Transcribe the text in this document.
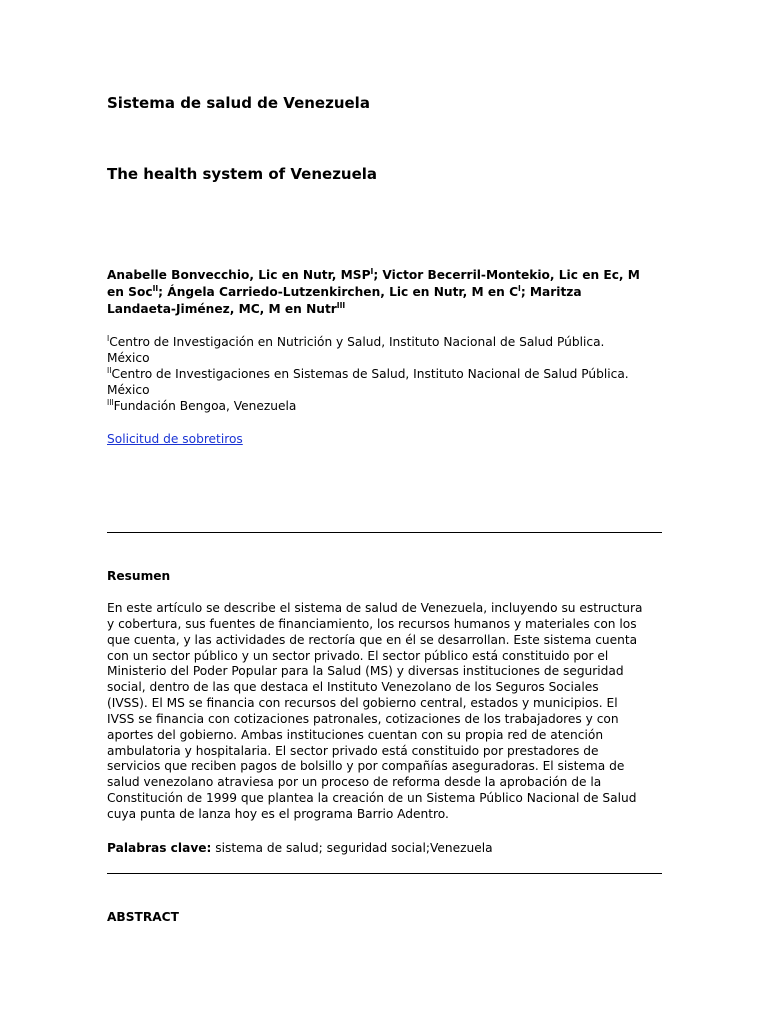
Sistema de salud de Venezuela
The health system of Venezuela
Anabelle Bonvecchio, Lic en Nutr, $MSP^I$; Victor Becerril-Montekio, Lic en Ec, M
en Soc$^{II}$; Ángela Carriedo-Lutzenkirchen, Lic en Nutr, M en $C^I$; Maritza
Landaeta-Jiménez, MC, M en Nutr$^{III}$
$^I$Centro de Investigación en Nutrición y Salud, Instituto Nacional de Salud Pública.
México
$^{II}$Centro de Investigaciones en Sistemas de Salud, Instituto Nacional de Salud Pública.
México
$^{III}$Fundación Bengoa, Venezuela
Solicitud de sobretiros
Resumen
En este artículo se describe el sistema de salud de Venezuela, incluyendo su estructura
y cobertura, sus fuentes de financiamiento, los recursos humanos y materiales con los
que cuenta, y las actividades de rectoría que en él se desarrollan. Este sistema cuenta
con un sector público y un sector privado. El sector público está constituido por el
Ministerio del Poder Popular para la Salud (MS) y diversas instituciones de seguridad
social, dentro de las que destaca el Instituto Venezolano de los Seguros Sociales
(IVSS). El MS se financia con recursos del gobierno central, estados y municipios. El
IVSS se financia con cotizaciones patronales, cotizaciones de los trabajadores y con
aportes del gobierno. Ambas instituciones cuentan con su propia red de atención
ambulatoria y hospitalaria. El sector privado está constituido por prestadores de
servicios que reciben pagos de bolsillo y por compañías aseguradoras. El sistema de
salud venezolano atraviesa por un proceso de reforma desde la aprobación de la
Constitución de 1999 que plantea la creación de un Sistema Público Nacional de Salud
cuya punta de lanza hoy es el programa Barrio Adentro.
Palabras clave: sistema de salud; seguridad social;Venezuela
ABSTRACT
